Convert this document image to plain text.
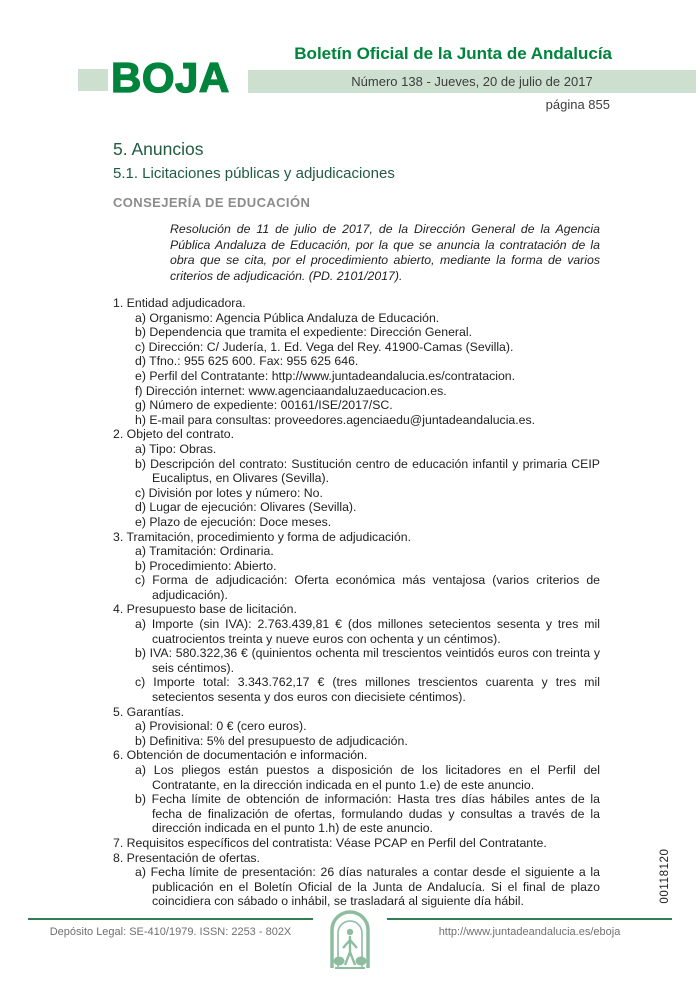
BOJA
Boletín Oficial de la Junta de Andalucía
Número 138 - Jueves, 20 de julio de 2017
página 855
5. Anuncios
5.1. Licitaciones públicas y adjudicaciones
CONSEJERÍA DE EDUCACIÓN

Resolución de 11 de julio de 2017, de la Dirección General de la Agencia Pública Andaluza de Educación, por la que se anuncia la contratación de la obra que se cita, por el procedimiento abierto, mediante la forma de varios criterios de adjudicación. (PD. 2101/2017).

1. Entidad adjudicadora.
a) Organismo: Agencia Pública Andaluza de Educación.
b) Dependencia que tramita el expediente: Dirección General.
c) Dirección: C/ Judería, 1. Ed. Vega del Rey. 41900-Camas (Sevilla).
d) Tfno.: 955 625 600. Fax: 955 625 646.
e) Perfil del Contratante: http://www.juntadeandalucia.es/contratacion.
f) Dirección internet: www.agenciaandaluzaeducacion.es.
g) Número de expediente: 00161/ISE/2017/SC.
h) E-mail para consultas: proveedores.agenciaedu@juntadeandalucia.es.
2. Objeto del contrato.
a) Tipo: Obras.
b) Descripción del contrato: Sustitución centro de educación infantil y primaria CEIP Eucaliptus, en Olivares (Sevilla).
c) División por lotes y número: No.
d) Lugar de ejecución: Olivares (Sevilla).
e) Plazo de ejecución: Doce meses.
3. Tramitación, procedimiento y forma de adjudicación.
a) Tramitación: Ordinaria.
b) Procedimiento: Abierto.
c) Forma de adjudicación: Oferta económica más ventajosa (varios criterios de adjudicación).
4. Presupuesto base de licitación.
a) Importe (sin IVA): 2.763.439,81 € (dos millones setecientos sesenta y tres mil cuatrocientos treinta y nueve euros con ochenta y un céntimos).
b) IVA: 580.322,36 € (quinientos ochenta mil trescientos veintidós euros con treinta y seis céntimos).
c) Importe total: 3.343.762,17 € (tres millones trescientos cuarenta y tres mil setecientos sesenta y dos euros con diecisiete céntimos).
5. Garantías.
a) Provisional: 0 € (cero euros).
b) Definitiva: 5% del presupuesto de adjudicación.
6. Obtención de documentación e información.
a) Los pliegos están puestos a disposición de los licitadores en el Perfil del Contratante, en la dirección indicada en el punto 1.e) de este anuncio.
b) Fecha límite de obtención de información: Hasta tres días hábiles antes de la fecha de finalización de ofertas, formulando dudas y consultas a través de la dirección indicada en el punto 1.h) de este anuncio.
7. Requisitos específicos del contratista: Véase PCAP en Perfil del Contratante.
8. Presentación de ofertas.
a) Fecha límite de presentación: 26 días naturales a contar desde el siguiente a la publicación en el Boletín Oficial de la Junta de Andalucía. Si el final de plazo coincidiera con sábado o inhábil, se trasladará al siguiente día hábil.	00118120
Depósito Legal: SE-410/1979. ISSN: 2253 - 802X	http://www.juntadeandalucia.es/eboja
